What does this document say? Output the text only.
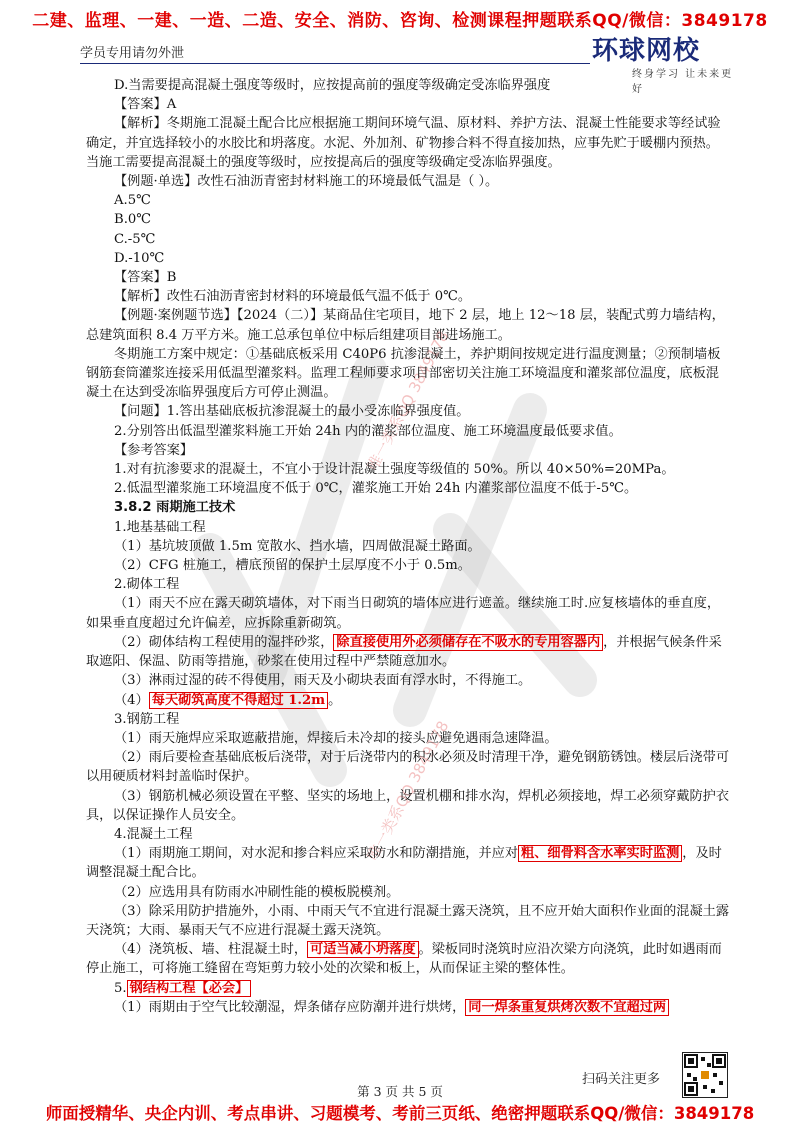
二建、监理、一建、一造、二造、安全、消防、咨询、检测课程押题联系QQ/微信：3849178
学员专用请勿外泄	环球网校
终身学习 让未来更好
唯一类系QQ 3849178
唯一类系QQ 3849178

D.当需要提高混凝土强度等级时，应按提高前的强度等级确定受冻临界强度

【答案】A

【解析】冬期施工混凝土配合比应根据施工期间环境气温、原材料、养护方法、混凝土性能要求等经试验确定，并宜选择较小的水胶比和坍落度。水泥、外加剂、矿物掺合料不得直接加热，应事先贮于暖棚内预热。当施工需要提高混凝土的强度等级时，应按提高后的强度等级确定受冻临界强度。

【例题·单选】改性石油沥青密封材料施工的环境最低气温是（ ）。

A.5℃

B.0℃

C.-5℃

D.-10℃

【答案】B

【解析】改性石油沥青密封材料的环境最低气温不低于 0℃。

【例题·案例题节选】【2024（二）】某商品住宅项目，地下 2 层，地上 12～18 层，装配式剪力墙结构，总建筑面积 8.4 万平方米。施工总承包单位中标后组建项目部进场施工。

冬期施工方案中规定：①基础底板采用 C40P6 抗渗混凝土，养护期间按规定进行温度测量；②预制墙板钢筋套筒灌浆连接采用低温型灌浆料。监理工程师要求项目部密切关注施工环境温度和灌浆部位温度，底板混凝土在达到受冻临界强度后方可停止测温。

【问题】1.答出基础底板抗渗混凝土的最小受冻临界强度值。

2.分别答出低温型灌浆料施工开始 24h 内的灌浆部位温度、施工环境温度最低要求值。

【参考答案】

1.对有抗渗要求的混凝土，不宜小于设计混凝土强度等级值的 50%。所以 40×50%=20MPa。

2.低温型灌浆施工环境温度不低于 0℃，灌浆施工开始 24h 内灌浆部位温度不低于-5℃。

3.8.2 雨期施工技术

1.地基基础工程

（1）基坑坡顶做 1.5m 宽散水、挡水墙，四周做混凝土路面。

（2）CFG 桩施工，槽底预留的保护土层厚度不小于 0.5m。

2.砌体工程

（1）雨天不应在露天砌筑墙体，对下雨当日砌筑的墙体应进行遮盖。继续施工时.应复核墙体的垂直度，如果垂直度超过允许偏差，应拆除重新砌筑。

（2）砌体结构工程使用的湿拌砂浆， 除直接使用外必须储存在不吸水的专用容器内 ，并根据气候条件采取遮阳、保温、防雨等措施，砂浆在使用过程中严禁随意加水。

（3）淋雨过湿的砖不得使用，雨天及小砌块表面有浮水时，不得施工。

（4） 每天砌筑高度不得超过 1.2m 。

3.钢筋工程

（1）雨天施焊应采取遮蔽措施，焊接后未冷却的接头应避免遇雨急速降温。

（2）雨后要检查基础底板后浇带，对于后浇带内的积水必须及时清理干净，避免钢筋锈蚀。楼层后浇带可以用硬质材料封盖临时保护。

（3）钢筋机械必须设置在平整、坚实的场地上，设置机棚和排水沟，焊机必须接地，焊工必须穿戴防护衣具，以保证操作人员安全。

4.混凝土工程

（1）雨期施工期间，对水泥和掺合料应采取防水和防潮措施，并应对 粗、细骨料含水率实时监测 ，及时调整混凝土配合比。

（2）应选用具有防雨水冲刷性能的模板脱模剂。

（3）除采用防护措施外，小雨、中雨天气不宜进行混凝土露天浇筑，且不应开始大面积作业面的混凝土露天浇筑；大雨、暴雨天气不应进行混凝土露天浇筑。

（4）浇筑板、墙、柱混凝土时， 可适当减小坍落度 。梁板同时浇筑时应沿次梁方向浇筑，此时如遇雨而停止施工，可将施工缝留在弯矩剪力较小处的次梁和板上，从而保证主梁的整体性。

5. 钢结构工程【必会】

（1）雨期由于空气比较潮湿，焊条储存应防潮并进行烘烤， 同一焊条重复烘烤次数不宜超过两

扫码关注更多
第 3 页 共 5 页
师面授精华、央企内训、考点串讲、习题模考、考前三页纸、绝密押题联系QQ/微信：3849178
